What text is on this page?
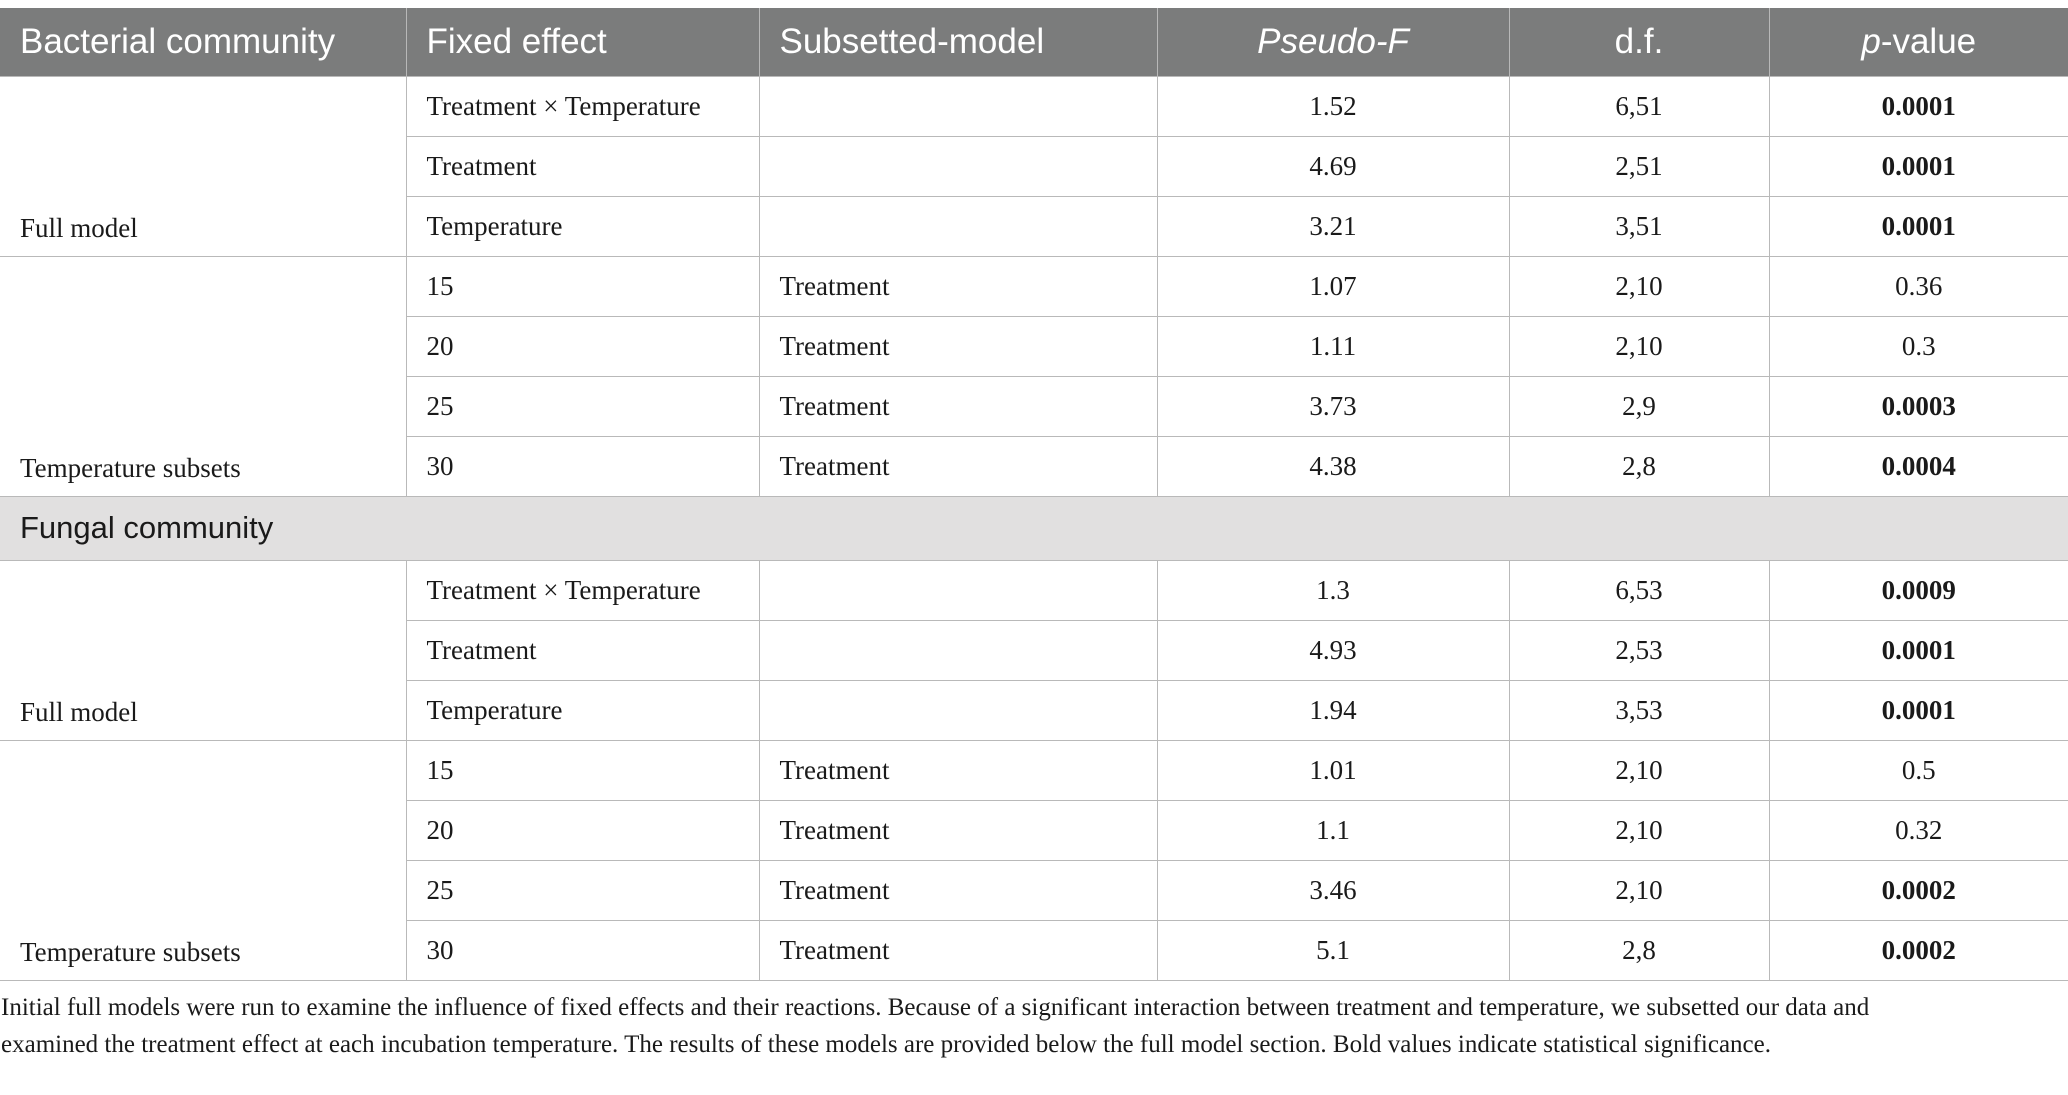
Bacterial community	Fixed effect	Subsetted-model	Pseudo-F	d.f.	p-value
Full model	Treatment × Temperature		1.52	6,51	0.0001
	Treatment		4.69	2,51	0.0001
	Temperature		3.21	3,51	0.0001
Temperature subsets	15	Treatment	1.07	2,10	0.36
	20	Treatment	1.11	2,10	0.3
	25	Treatment	3.73	2,9	0.0003
	30	Treatment	4.38	2,8	0.0004
Fungal community					
Full model	Treatment × Temperature		1.3	6,53	0.0009
	Treatment		4.93	2,53	0.0001
	Temperature		1.94	3,53	0.0001
Temperature subsets	15	Treatment	1.01	2,10	0.5
	20	Treatment	1.1	2,10	0.32
	25	Treatment	3.46	2,10	0.0002
	30	Treatment	5.1	2,8	0.0002
Initial full models were run to examine the influence of fixed effects and their reactions. Because of a significant interaction between treatment and temperature, we subsetted our data and
examined the treatment effect at each incubation temperature. The results of these models are provided below the full model section. Bold values indicate statistical significance.
